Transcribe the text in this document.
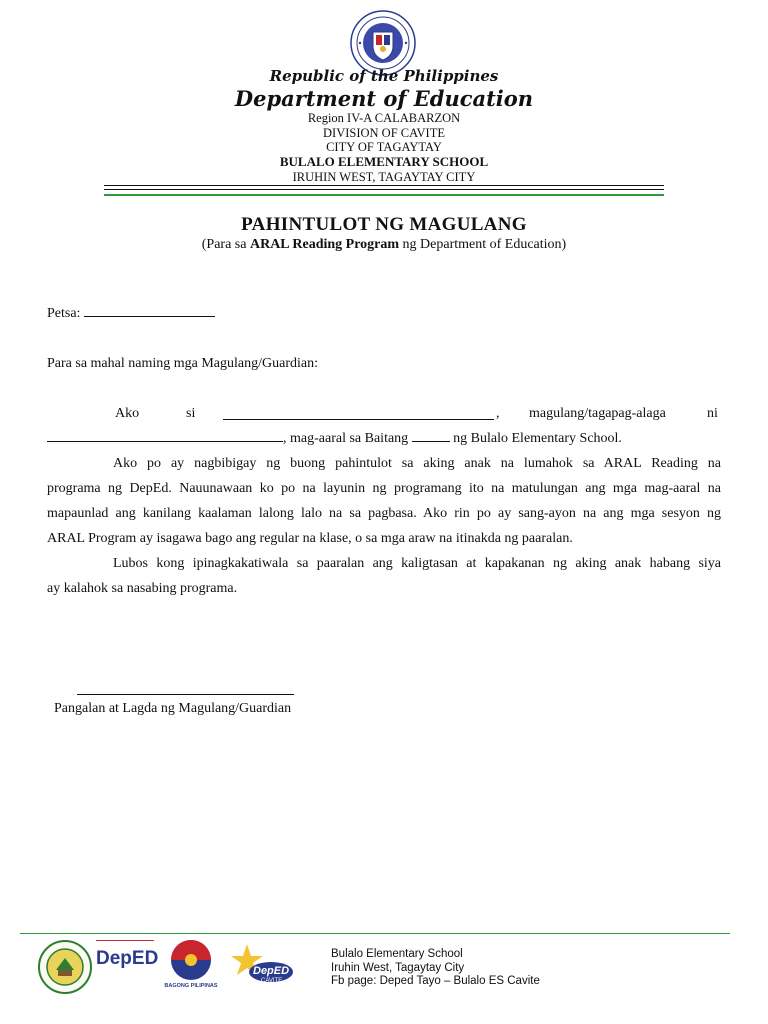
Republic of the Philippines
Department of Education
Region IV-A CALABARZON
DIVISION OF CAVITE
CITY OF TAGAYTAY
BULALO ELEMENTARY SCHOOL
IRUHIN WEST, TAGAYTAY CITY
PAHINTULOT NG MAGULANG
(Para sa ARAL Reading Program ng Department of Education)
Petsa:
Para sa mahal naming mga Magulang/Guardian:
Ako	si	, magulang/tagapag-alaga	ni
, mag-aaral sa Baitang	ng Bulalo Elementary School.
Ako po ay nagbibigay ng buong pahintulot sa aking anak na lumahok sa ARAL Reading na
programa ng DepEd. Nauunawaan ko po na layunin ng programang ito na matulungan ang mga mag-aaral na
mapaunlad ang kanilang kaalaman lalong lalo na sa pagbasa. Ako rin po ay sang-ayon na ang mga sesyon ng
ARAL Program ay isagawa bago ang regular na klase, o sa mga araw na itinakda ng paaralan.
Lubos kong ipinagkakatiwala sa paaralan ang kaligtasan at kapakanan ng aking anak habang siya
ay kalahok sa nasabing programa.
Pangalan at Lagda ng Magulang/Guardian
DepED
BAGONG PILIPINAS
DepED
CAVITE
Bulalo Elementary School
Iruhin West, Tagaytay City
Fb page: Deped Tayo – Bulalo ES Cavite
